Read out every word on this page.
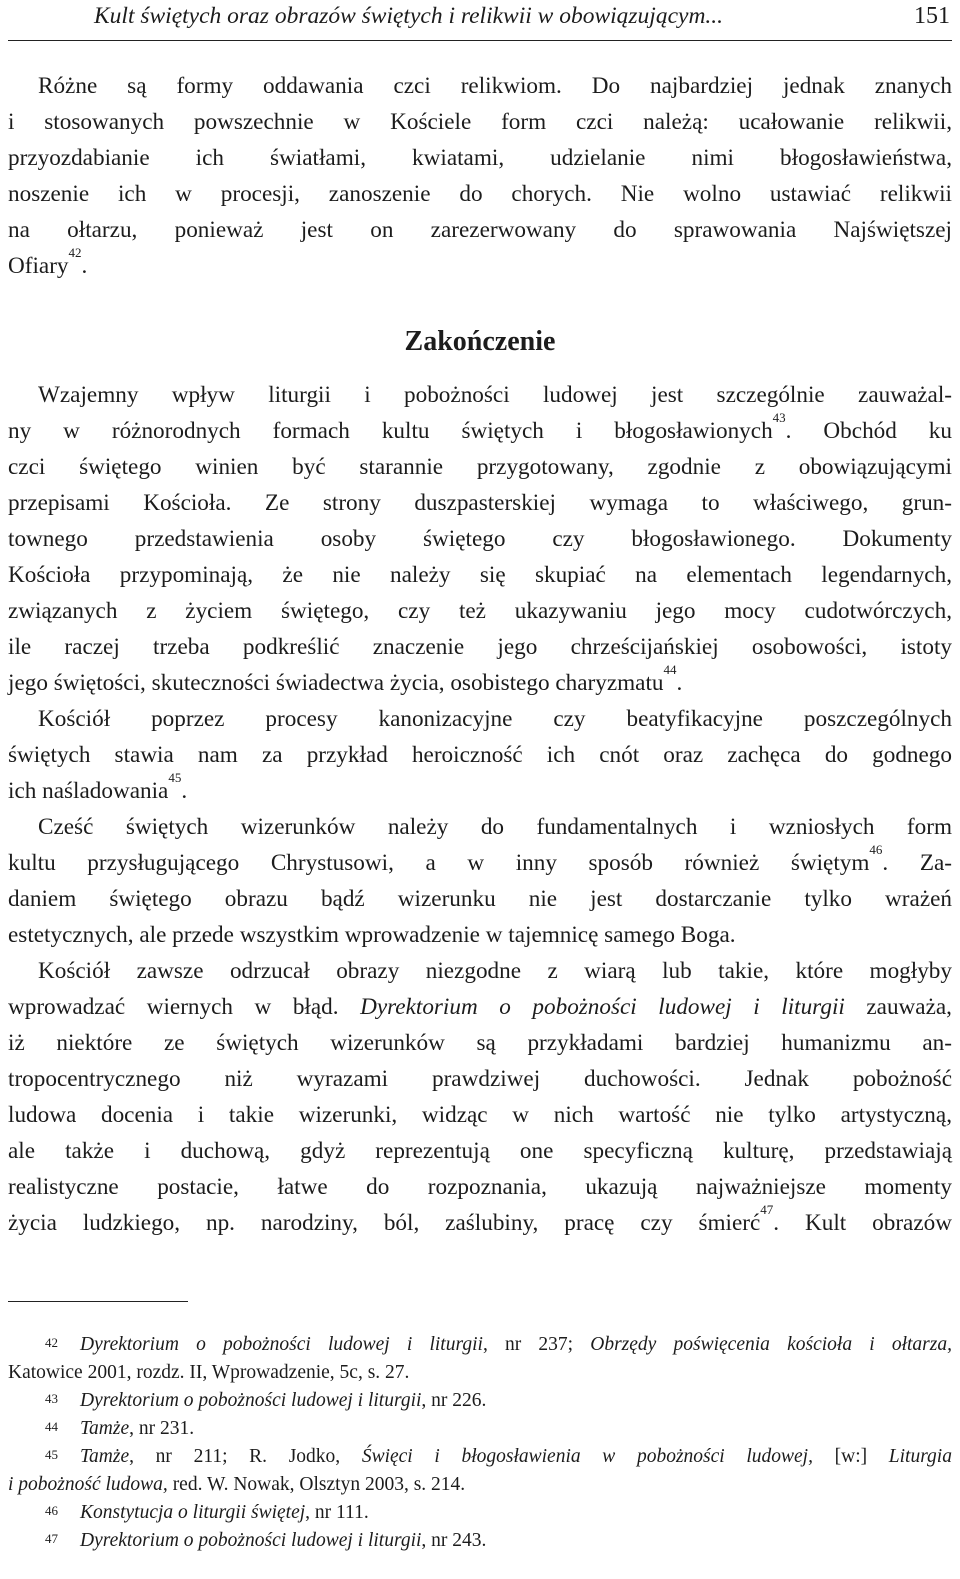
Kult świętych oraz obrazów świętych i relikwii w obowiązującym...	151
Różne są formy oddawania czci relikwiom. Do najbardziej jednak znanych
i stosowanych powszechnie w Kościele form czci należą: ucałowanie relikwii,
przyozdabianie ich światłami, kwiatami, udzielanie nimi błogosławieństwa,
noszenie ich w procesji, zanoszenie do chorych. Nie wolno ustawiać relikwii
na ołtarzu, ponieważ jest on zarezerwowany do sprawowania Najświętszej
Ofiary$^{42}$.
Zakończenie
Wzajemny wpływ liturgii i pobożności ludowej jest szczególnie zauważal-
ny w różnorodnych formach kultu świętych i błogosławionych$^{43}$. Obchód ku
czci świętego winien być starannie przygotowany, zgodnie z obowiązującymi
przepisami Kościoła. Ze strony duszpasterskiej wymaga to właściwego, grun-
townego przedstawienia osoby świętego czy błogosławionego. Dokumenty
Kościoła przypominają, że nie należy się skupiać na elementach legendarnych,
związanych z życiem świętego, czy też ukazywaniu jego mocy cudotwórczych,
ile raczej trzeba podkreślić znaczenie jego chrześcijańskiej osobowości, istoty
jego świętości, skuteczności świadectwa życia, osobistego charyzmatu$^{44}$.
Kościół poprzez procesy kanonizacyjne czy beatyfikacyjne poszczególnych
świętych stawia nam za przykład heroiczność ich cnót oraz zachęca do godnego
ich naśladowania$^{45}$.
Cześć świętych wizerunków należy do fundamentalnych i wzniosłych form
kultu przysługującego Chrystusowi, a w inny sposób również świętym$^{46}$. Za-
daniem świętego obrazu bądź wizerunku nie jest dostarczanie tylko wrażeń
estetycznych, ale przede wszystkim wprowadzenie w tajemnicę samego Boga.
Kościół zawsze odrzucał obrazy niezgodne z wiarą lub takie, które mogłyby
wprowadzać wiernych w błąd. Dyrektorium o pobożności ludowej i liturgii zauważa,
iż niektóre ze świętych wizerunków są przykładami bardziej humanizmu an-
tropocentrycznego niż wyrazami prawdziwej duchowości. Jednak pobożność
ludowa docenia i takie wizerunki, widząc w nich wartość nie tylko artystyczną,
ale także i duchową, gdyż reprezentują one specyficzną kulturę, przedstawiają
realistyczne postacie, łatwe do rozpoznania, ukazują najważniejsze momenty
życia ludzkiego, np. narodziny, ból, zaślubiny, pracę czy śmierć$^{47}$. Kult obrazów
42 Dyrektorium o pobożności ludowej i liturgii, nr 237; Obrzędy poświęcenia kościoła i ołtarza,
Katowice 2001, rozdz. II, Wprowadzenie, 5c, s. 27.
43 Dyrektorium o pobożności ludowej i liturgii, nr 226.
44 Tamże, nr 231.
45 Tamże, nr 211; R. Jodko, Święci i błogosławienia w pobożności ludowej, [w:] Liturgia
i pobożność ludowa, red. W. Nowak, Olsztyn 2003, s. 214.
46 Konstytucja o liturgii świętej, nr 111.
47 Dyrektorium o pobożności ludowej i liturgii, nr 243.
